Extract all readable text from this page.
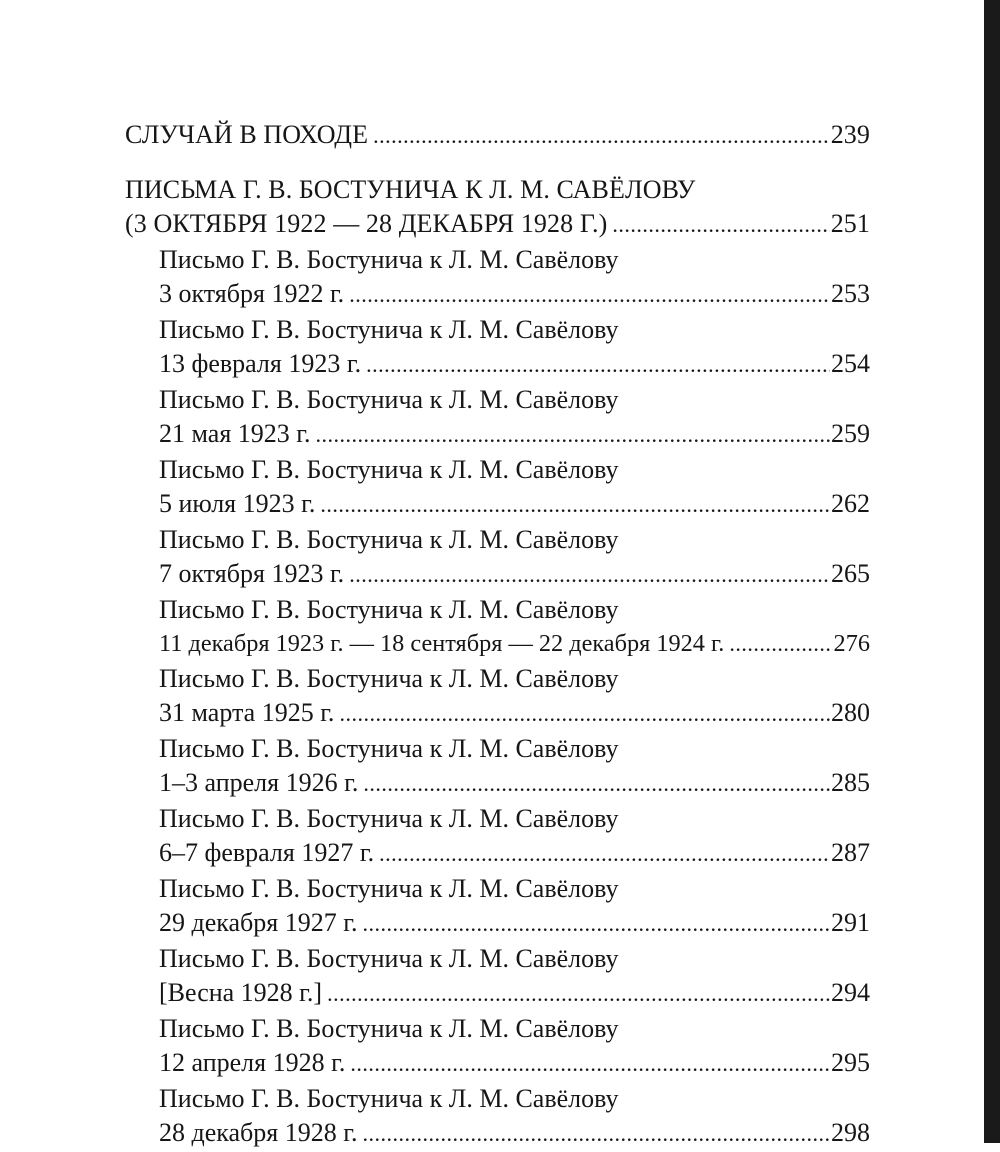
СЛУЧАЙ В ПОХОДЕ .....	239
ПИСЬМА Г. В. БОСТУНИЧА К Л. М. САВЁЛОВУ
(3 ОКТЯБРЯ 1922 — 28 ДЕКАБРЯ 1928 Г.) .....	251
Письмо Г. В. Бостунича к Л. М. Савёлову
3 октября 1922 г. .....	253
Письмо Г. В. Бостунича к Л. М. Савёлову
13 февраля 1923 г. .....	254
Письмо Г. В. Бостунича к Л. М. Савёлову
21 мая 1923 г. .....	259
Письмо Г. В. Бостунича к Л. М. Савёлову
5 июля 1923 г. .....	262
Письмо Г. В. Бостунича к Л. М. Савёлову
7 октября 1923 г. .....	265
Письмо Г. В. Бостунича к Л. М. Савёлову
11 декабря 1923 г. — 18 сентября — 22 декабря 1924 г. .....	276
Письмо Г. В. Бостунича к Л. М. Савёлову
31 марта 1925 г. .....	280
Письмо Г. В. Бостунича к Л. М. Савёлову
1–3 апреля 1926 г. .....	285
Письмо Г. В. Бостунича к Л. М. Савёлову
6–7 февраля 1927 г. .....	287
Письмо Г. В. Бостунича к Л. М. Савёлову
29 декабря 1927 г. .....	291
Письмо Г. В. Бостунича к Л. М. Савёлову
[Весна 1928 г.] .....	294
Письмо Г. В. Бостунича к Л. М. Савёлову
12 апреля 1928 г. .....	295
Письмо Г. В. Бостунича к Л. М. Савёлову
28 декабря 1928 г. .....	298
